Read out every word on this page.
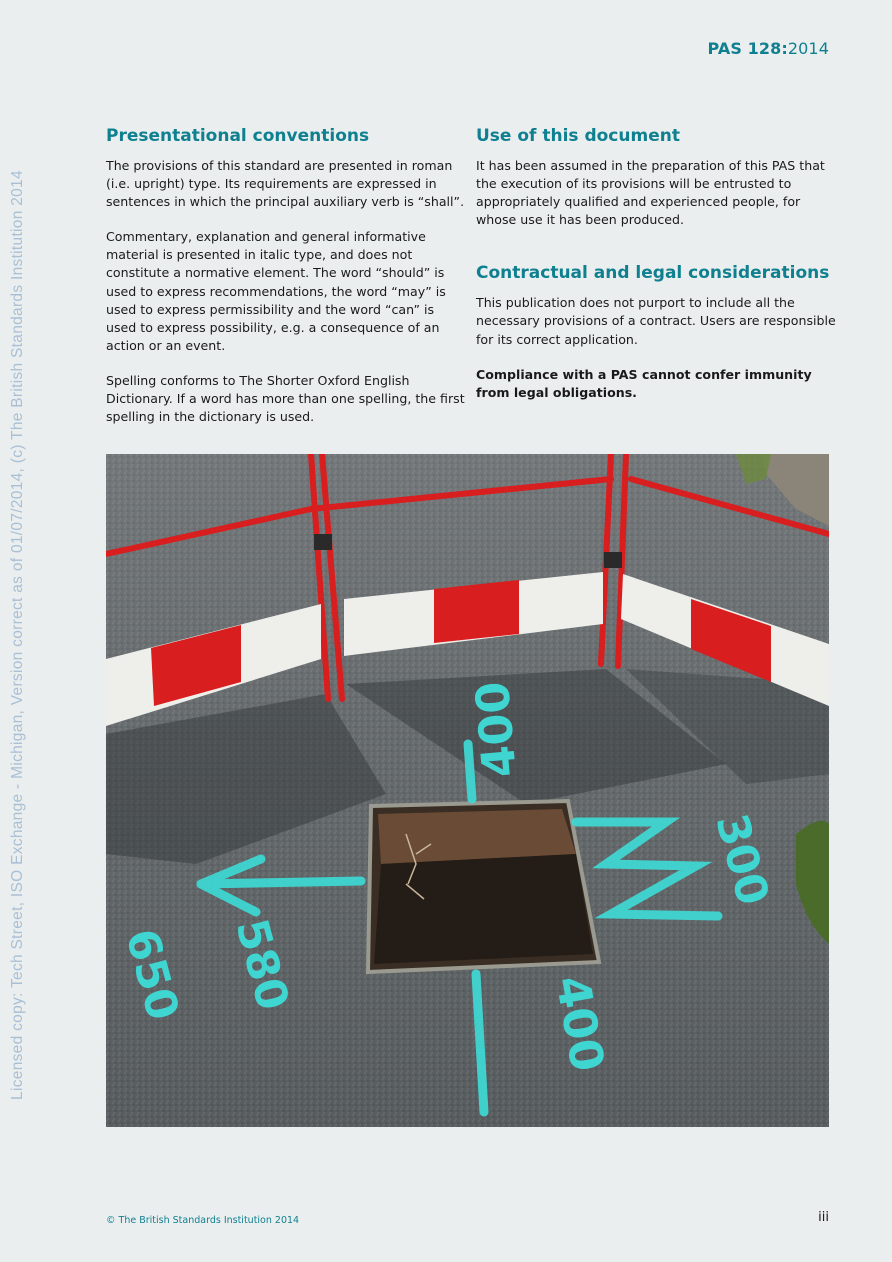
PAS 128:2014
Licensed copy: Tech Street, ISO Exchange - Michigan, Version correct as of 01/07/2014, (c) The British Standards Institution 2014
Presentational conventions

The provisions of this standard are presented in roman (i.e. upright) type. Its requirements are expressed in sentences in which the principal auxiliary verb is “shall”.

Commentary, explanation and general informative material is presented in italic type, and does not constitute a normative element. The word “should” is used to express recommendations, the word “may” is used to express permissibility and the word “can” is used to express possibility, e.g. a consequence of an action or an event.

Spelling conforms to The Shorter Oxford English Dictionary. If a word has more than one spelling, the first spelling in the dictionary is used.

Use of this document

It has been assumed in the preparation of this PAS that the execution of its provisions will be entrusted to appropriately qualified and experienced people, for whose use it has been produced.

Contractual and legal considerations

This publication does not purport to include all the necessary provisions of a contract. Users are responsible for its correct application.

Compliance with a PAS cannot confer immunity from legal obligations.

400
300
650 580
400
© The British Standards Institution 2014	iii
